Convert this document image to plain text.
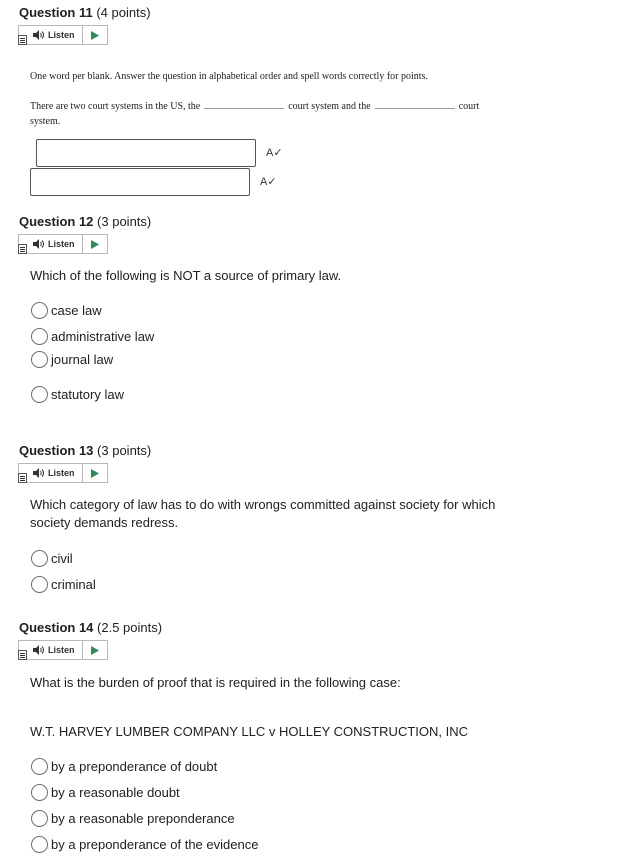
Question 11 (4 points)
Listen
One word per blank. Answer the question in alphabetical order and spell words correctly for points.
There are two court systems in the US, the	court system and the	court
system.
A✓
A✓
Question 12 (3 points)
Listen
Which of the following is NOT a source of primary law.
case law
administrative law
journal law
statutory law
Question 13 (3 points)
Listen
Which category of law has to do with wrongs committed against society for which society demands redress.
civil
criminal
Question 14 (2.5 points)
Listen
What is the burden of proof that is required in the following case:
W.T. HARVEY LUMBER COMPANY LLC v HOLLEY CONSTRUCTION, INC
by a preponderance of doubt
by a reasonable doubt
by a reasonable preponderance
by a preponderance of the evidence
